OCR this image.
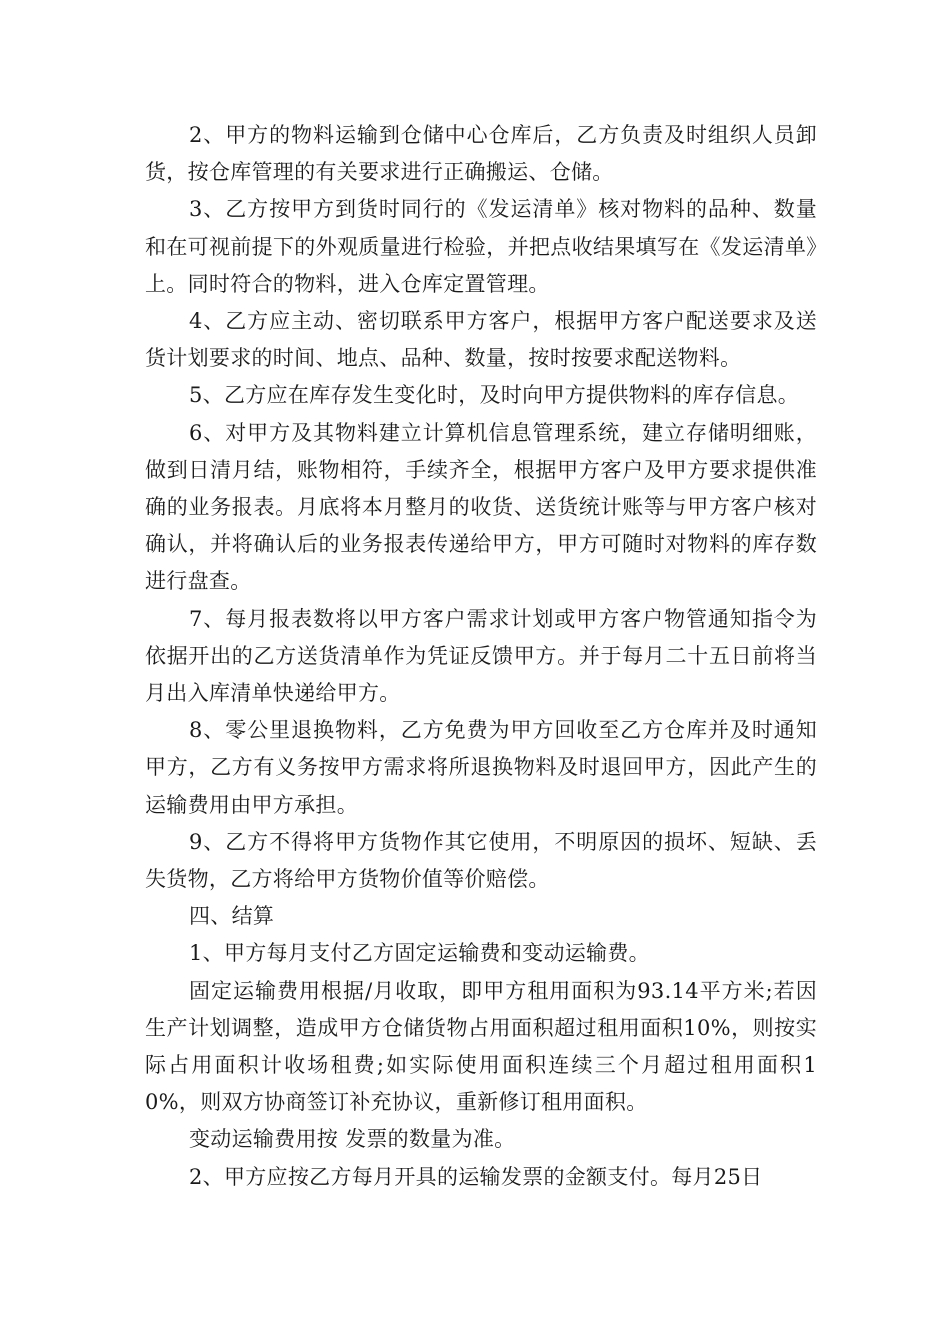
2、甲方的物料运输到仓储中心仓库后，乙方负责及时组织人员卸货，按仓库管理的有关要求进行正确搬运、仓储。

3、乙方按甲方到货时同行的《发运清单》核对物料的品种、数量和在可视前提下的外观质量进行检验，并把点收结果填写在《发运清单》上。同时符合的物料，进入仓库定置管理。

4、乙方应主动、密切联系甲方客户，根据甲方客户配送要求及送货计划要求的时间、地点、品种、数量，按时按要求配送物料。

5、乙方应在库存发生变化时，及时向甲方提供物料的库存信息。

6、对甲方及其物料建立计算机信息管理系统，建立存储明细账，做到日清月结，账物相符，手续齐全，根据甲方客户及甲方要求提供准确的业务报表。月底将本月整月的收货、送货统计账等与甲方客户核对确认，并将确认后的业务报表传递给甲方，甲方可随时对物料的库存数进行盘查。

7、每月报表数将以甲方客户需求计划或甲方客户物管通知指令为依据开出的乙方送货清单作为凭证反馈甲方。并于每月二十五日前将当月出入库清单快递给甲方。

8、零公里退换物料，乙方免费为甲方回收至乙方仓库并及时通知甲方，乙方有义务按甲方需求将所退换物料及时退回甲方，因此产生的运输费用由甲方承担。

9、乙方不得将甲方货物作其它使用，不明原因的损坏、短缺、丢失货物，乙方将给甲方货物价值等价赔偿。

四、结算

1、甲方每月支付乙方固定运输费和变动运输费。

固定运输费用根据/月收取，即甲方租用面积为93.14平方米;若因生产计划调整，造成甲方仓储货物占用面积超过租用面积10%，则按实际占用面积计收场租费;如实际使用面积连续三个月超过租用面积10%，则双方协商签订补充协议，重新修订租用面积。

变动运输费用按 发票的数量为准。

2、甲方应按乙方每月开具的运输发票的金额支付。每月25日
